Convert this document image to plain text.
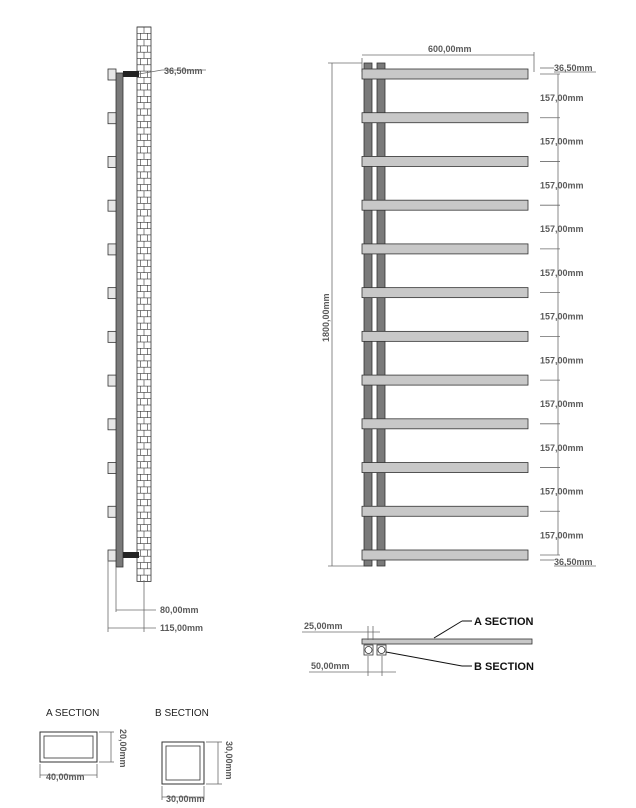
36,50mm
80,00mm
115,00mm
600,00mm
1800,00mm
157,00mm
157,00mm
157,00mm
157,00mm
157,00mm
157,00mm
157,00mm
157,00mm
157,00mm
157,00mm
157,00mm
36,50mm
36,50mm
25,00mm
50,00mm
A SECTION
B SECTION
A SECTION
40,00mm
20,00mm
B SECTION
30,00mm
30,00mm
